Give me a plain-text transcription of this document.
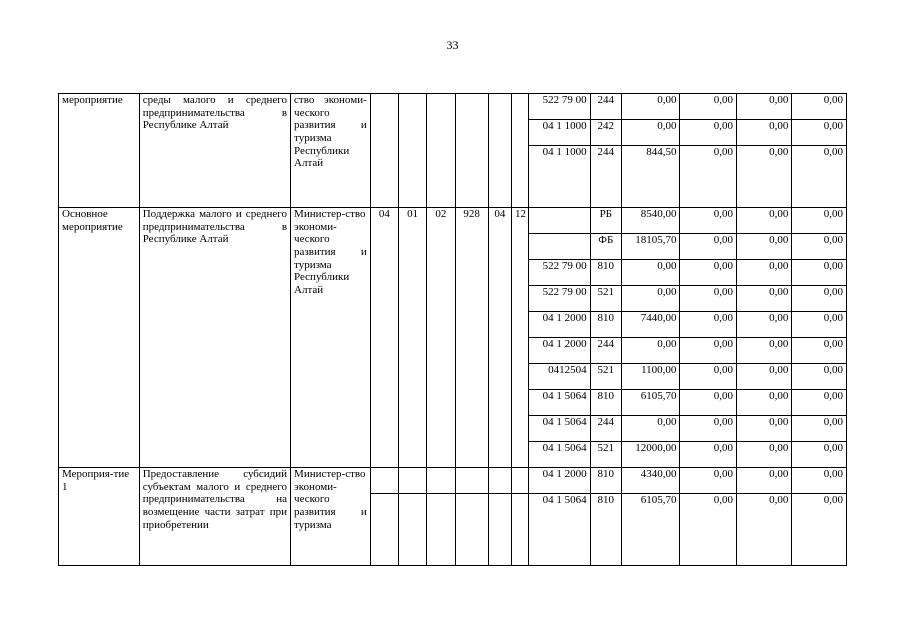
33
мероприятие	среды малого и среднего предпринимательства в Республике Алтай	ство экономи-ческого развития и туризма Республики Алтай							522 79 00	244	0,00	0,00	0,00	0,00
									04 1 1000	242	0,00	0,00	0,00	0,00
									04 1 1000	244	844,50	0,00	0,00	0,00
Основное мероприятие	Поддержка малого и среднего предпринимательства в Республике Алтай	Министер-ство экономи-ческого развития и туризма Республики Алтай	04	01	02	928	04	12		РБ	8540,00	0,00	0,00	0,00
										ФБ	18105,70	0,00	0,00	0,00
									522 79 00	810	0,00	0,00	0,00	0,00
									522 79 00	521	0,00	0,00	0,00	0,00
									04 1 2000	810	7440,00	0,00	0,00	0,00
									04 1 2000	244	0,00	0,00	0,00	0,00
									0412504	521	1100,00	0,00	0,00	0,00
									04 1 5064	810	6105,70	0,00	0,00	0,00
									04 1 5064	244	0,00	0,00	0,00	0,00
									04 1 5064	521	12000,00	0,00	0,00	0,00
Мероприя-тие 1	Предоставление субсидий субъектам малого и среднего предпринимательства на возмещение части затрат при приобретении	Министер-ство экономи-ческого развития и туризма							04 1 2000	810	4340,00	0,00	0,00	0,00
									04 1 5064	810	6105,70	0,00	0,00	0,00
